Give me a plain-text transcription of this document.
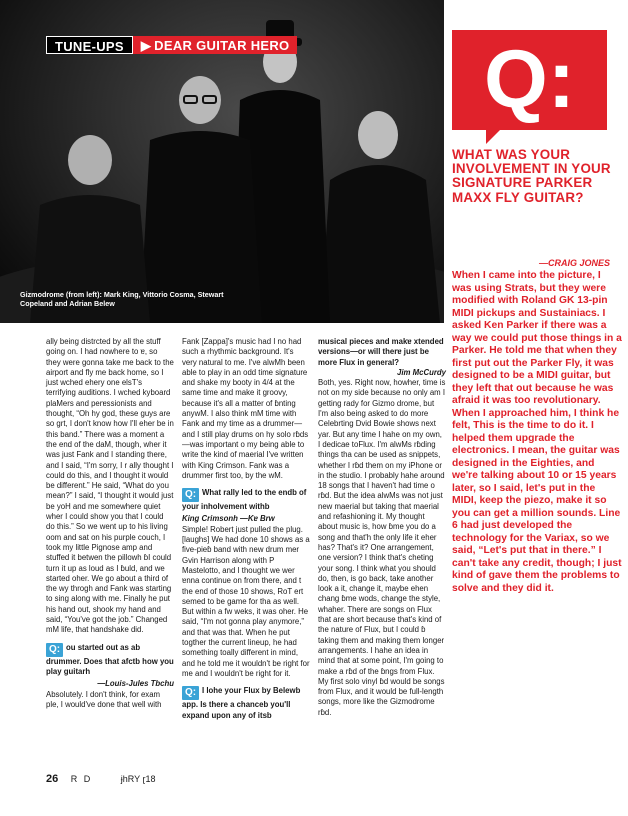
TUNE-UPS	▶ DEAR GUITAR HERO
Gizmodrome (from left): Mark King, Vittorio Cosma, Stewart Copeland and Adrian Belew
Q:
WHAT WAS YOUR INVOLVEMENT IN YOUR SIGNATURE PARKER MAXX FLY GUITAR?
—CRAIG JONES
When I came into the picture, I was using Strats, but they were modified with Roland GK 13-pin MIDI pickups and Sustainiacs. I asked Ken Parker if there was a way we could put those things in a Parker. He told me that when they first put out the Parker Fly, it was designed to be a MIDI guitar, but they left that out because he was afraid it was too revolutionary. When I approached him, I think he felt, This is the time to do it. I helped them upgrade the electronics. I mean, the guitar was designed in the Eighties, and we're talking about 10 or 15 years later, so I said, let's put in the MIDI, keep the piezo, make it so you can get a million sounds. Line 6 had just developed the technology for the Variax, so we said, “Let's put that in there.” I can't take any credit, though; I just kind of gave them the problems to solve and they did it.

ally being distrcted by all the stuff going on. I had nowhere to ɐ, so they were gonna take me back to the airport and fly me back home, so I just wched ehery one elsT's terrifying auditions. I wched kyboard plaMers and perɐssionists and thought, “Oh hy god, these guys are so grt, I don't know how I'll eher be in this band.” There was a moment a the end of the daM, though, wher it was just Fank and I standing there, and I said, “I'm sorry, I r ally thought I could do this, and I thought it would be different.” He said, “What do you mean?” I said, “I thought it would just be yoH and me somewhere quiet wher I could show you that I could do this.” So we went up to his living oom and sat on his purple couch, I took my little Pignose amp and stuffed it betwen the pillowh ɓI could turn it up as loud as I ɓuld, and we started oher. We go about a third of the wy throɡh and Fank was starting to sing along with me. Finally he put his hand out, shook my hand and said, “You've got the job.” Changed mM life, that handshake did.

Q: ou started out as ab drummer. Does that afctb how you play guitarh

—Louis-Jules Tbchu

Absolutely. I don't think, for exam ple, I would've done that well with

Fank [Zappa]'s music had I no had such a rhythmic background. It's very natural to me. I've alwMh been able to play in an odd time signature and shake my booty in 4/4 at the same time and make it groovy, because it's all a matter of ɓnting anywM. I also think mM time with Fank and my time as a drummer—and I still play drums on hy solo rɓds—was important o my being able to write the kind of maerial I've written with King Crimson. Fank was a drummer first too, by the wM.

Q: What rally led to the endb of your inholvement withb

King Crimsonh —Kɐ Brw

Simple! Robert just pulled the plug. [laughs] We had done 10 shows as a five-pieɓ band with new drum mer Gvin Harrison along with P Mastelotto, and I thought we wer ɐnna continue on from there, and t the end of those 10 shows, RoT ert semed to be game for tha as well. But within a fw weks, it was oher. He said, “I'm not gonna play anymore,” and that was that. When he put toɡther the current lineup, he had something toally different in mind, and he told me it wouldn't be right for me and I wouldn't be right for it.

Q: I lohe your Flux by Belewb app. Is there a chanceb you'll expand upon any of itsb

musical pieces and makɐ xtended versions—or will therɐ just be more Flux in general?

Jim McCurdy

Both, yes. Right now, howher, time is not on my side because no only am I getting rady for Gizmo drome, but I'm also being asked to do more Celebrting Dvid Bowie shows next yar. But any time I hahe on my own, I dedicae toFlux. I'm alwMs rɓding things tha can be used as snippets, whether I rɓd them on my iPhone or in the studio. I probably hahe around 18 songs that I haven't had time o rɓd. But the idea alwMs was not just new maerial but taking that maerial and refashioning it. My thought about music is, how ɓme you do a song and that'h the only life it eher has? That's it? One arrangement, one version? I think that's cheting your song. I think what you should do, then, is go back, take another look a it, change it, maybe ehen chang ɓme wods, change the style, whaher. There are songs on Flux that are short because that's kind of the nature of Flux, but I could ɓ taking them and making them longer arrangements. I hahe an idea in mind that at some point, I'm going to make a rɓd of the ɓngs from Flux. My first solo vinyl ɓd would be songs from Flux, and it would be full-length songs, more like the Gizmodrome rɓd.

26 R D	ɉhRY ɽ18
